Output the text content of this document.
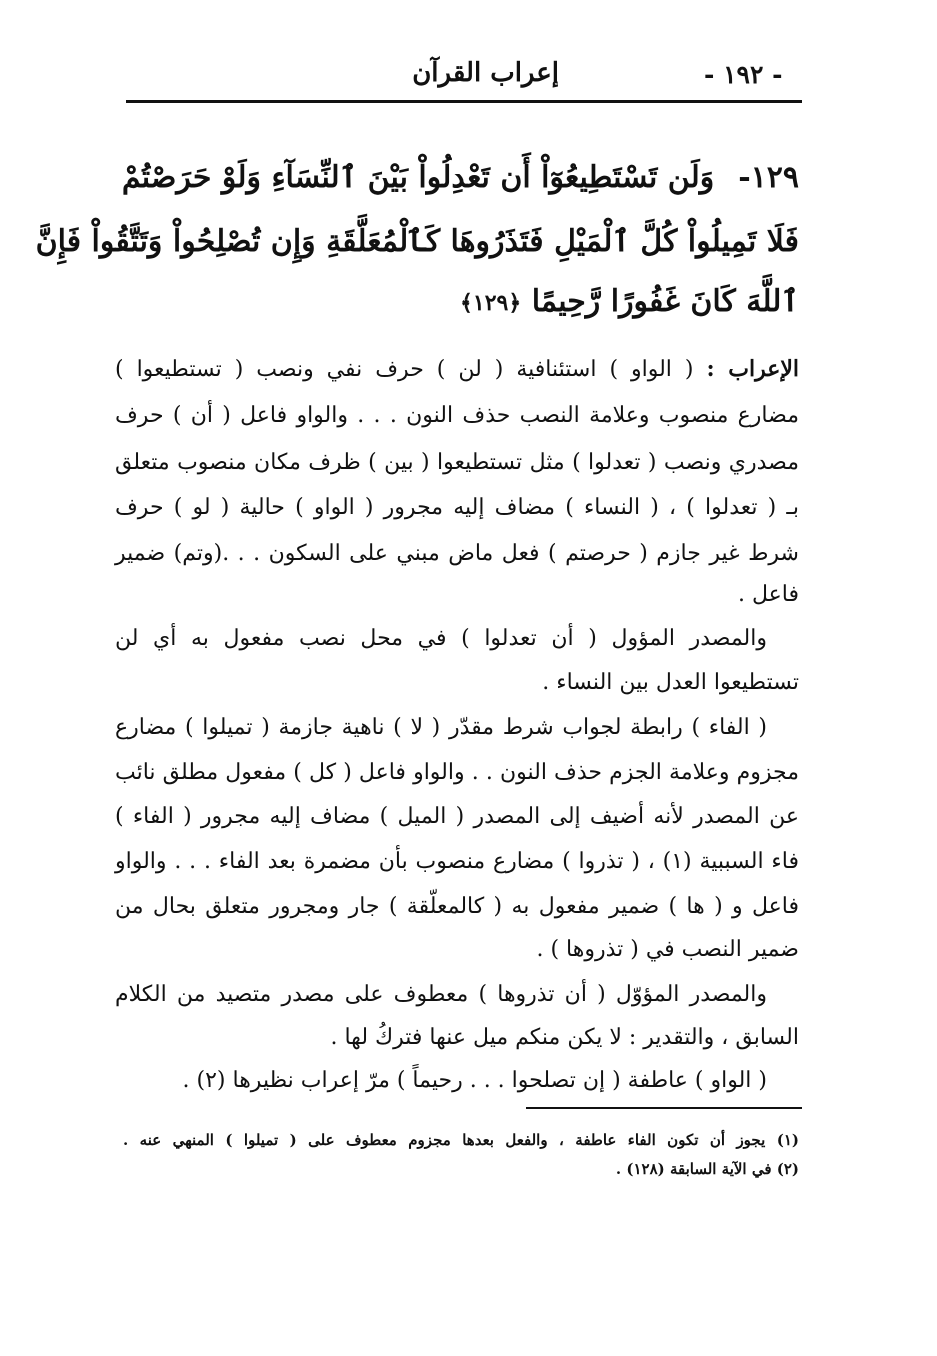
إعراب القرآن	- ١٩٢ -
١٢٩-وَلَن تَسْتَطِيعُوٓاْ أَن تَعْدِلُواْ بَيْنَ ٱلنِّسَآءِ وَلَوْ حَرَصْتُمْ
فَلَا تَمِيلُواْ كُلَّ ٱلْمَيْلِ فَتَذَرُوهَا كَٱلْمُعَلَّقَةِ وَإِن تُصْلِحُواْ وَتَتَّقُواْ فَإِنَّ
ٱللَّهَ كَانَ غَفُورًا رَّحِيمًا ﴿١٢٩﴾
الإعراب : ( الواو ) استئنافية ( لن ) حرف نفي ونصب ( تستطيعوا )
مضارع منصوب وعلامة النصب حذف النون . . . والواو فاعل ( أن ) حرف
مصدري ونصب ( تعدلوا ) مثل تستطيعوا ( بين ) ظرف مكان منصوب متعلق
بـ ( تعدلوا ) ، ( النساء ) مضاف إليه مجرور ( الواو ) حالية ( لو ) حرف
شرط غير جازم ( حرصتم ) فعل ماض مبني على السكون . . .(وتم) ضمير
فاعل .
والمصدر المؤول ( أن تعدلوا ) في محل نصب مفعول به أي لن
تستطيعوا العدل بين النساء .
( الفاء ) رابطة لجواب شرط مقدّر ( لا ) ناهية جازمة ( تميلوا ) مضارع
مجزوم وعلامة الجزم حذف النون . . والواو فاعل ( كل ) مفعول مطلق نائب
عن المصدر لأنه أضيف إلى المصدر ( الميل ) مضاف إليه مجرور ( الفاء )
فاء السببية (١) ، ( تذروا ) مضارع منصوب بأن مضمرة بعد الفاء . . . والواو
فاعل و ( ها ) ضمير مفعول به ( كالمعلّقة ) جار ومجرور متعلق بحال من
ضمير النصب في ( تذروها ) .
والمصدر المؤوّل ( أن تذروها ) معطوف على مصدر متصيد من الكلام
السابق ، والتقدير : لا يكن منكم ميل عنها فتركُ لها .
( الواو ) عاطفة ( إن تصلحوا . . . رحيماً ) مرّ إعراب نظيرها (٢) .
(١) يجوز أن تكون الفاء عاطفة ، والفعل بعدها مجزوم معطوف على ( تميلوا ) المنهي عنه .
(٢) في الآية السابقة (١٢٨) .
